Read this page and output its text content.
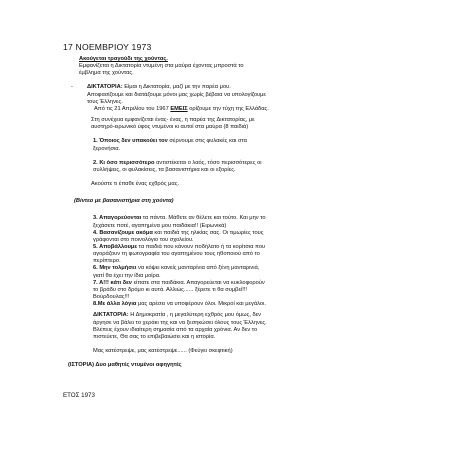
17 ΝΟΕΜΒΡΙΟΥ 1973

Ακούγεται τραγούδι της χούντας.

Εμφανίζεται η Δικτατορία ντυμένη στα μαύρα έχοντας μπροστά το

έμβλημα της χούντας.

- ΔΙΚΤΑΤΟΡΙΑ: Είμαι η Δικτατορία, μαζί με την παρέα μου.

Αποφασίζουμε και διατάζουμε μόνοι μας χωρίς βέβαια να υπολογίζουμε

τους Έλληνες.

Από τις 21 Απριλίου του 1967 ΕΜΕΙΣ ορίζουμε την τύχη της Ελλάδας.

Στη συνέχεια εμφανίζεται ένας- ένας, η παρέα της Δικτατορίας, με

αυστηρό-ειρωνικό ύφος ντυμένοι κι αυτοί στα μαύρα (8 παιδιά)

1. Όποιος δεν υπακούει τον σέρνουμε στις φυλακές και στα

ξερονήσια.

2. Κι όσο περισσότερο αντιστέκεται ο λαός, τόσο περισσότερες οι

συλλήψεις, οι φυλακίσεις, τα βασανιστήρια και οι εξορίες.

Ακούστε τι έπαθε ένας εχθρός μας.

(Βίντεο με βασανιστήρια στη χούντα)

3. Απαγορεύονται τα πάντα. Μάθετε αν θέλετε και τούτο. Και μην το

ξεχάσετε ποτέ, αγαπημένα μου παιδάκια!! (Ειρωνικά)

4. Βασανίζουμε ακόμα και παιδιά της ηλικίας σας. Οι τιμωρίες τους

γράφονται στο ποινολόγιο του σχολείου.

5. Αποβάλλουμε τα παιδιά που κάνουν ποδήλατο ή τα κορίτσια που

αγοράζουν τη φωτογραφία του αγαπημένου τους ηθοποιού από το

περίπτερο.

6. Μην τολμήσει να κόψει κανείς μανταρίνια από ξένη μανταρινιά,

γιατί θα έχει την ίδια μοίρα.

7. Α!!! κάτι δεν είπατε στα παιδάκια. Απαγορεύεται να κυκλοφορούν

το βράδυ στο δρόμο κι αυτά. Αλλιώς...... ξέρετε τι θα συμβεί!!!

Βούρδουλας!!!

8.Με άλλα λόγια μας αρέσει να υποφέρουν όλοι. Μικροί και μεγάλοι.

ΔΙΚΤΑΤΟΡΙΑ: Η Δημοκρατία , η μεγαλύτερη εχθρός μου όμως, δεν

άργησε να βάλει το χεράκι της και να ξεσηκώσει όλους τους Έλληνες.

Βλέπεις έχουν ιδιαίτερη σημασία από τα αρχαία χρόνια. Αν δεν το

πιστεύετε, Θα σας το επιβεβαιώσει και η ιστορία.

Μας κατέστρεψε, μας κατέστρεψε...... (Φεύγει σκεφτική)

(ΙΣΤΟΡΙΑ) Δυο μαθητές ντυμένοι αφηγητές

ΕΤΟΣ 1973
